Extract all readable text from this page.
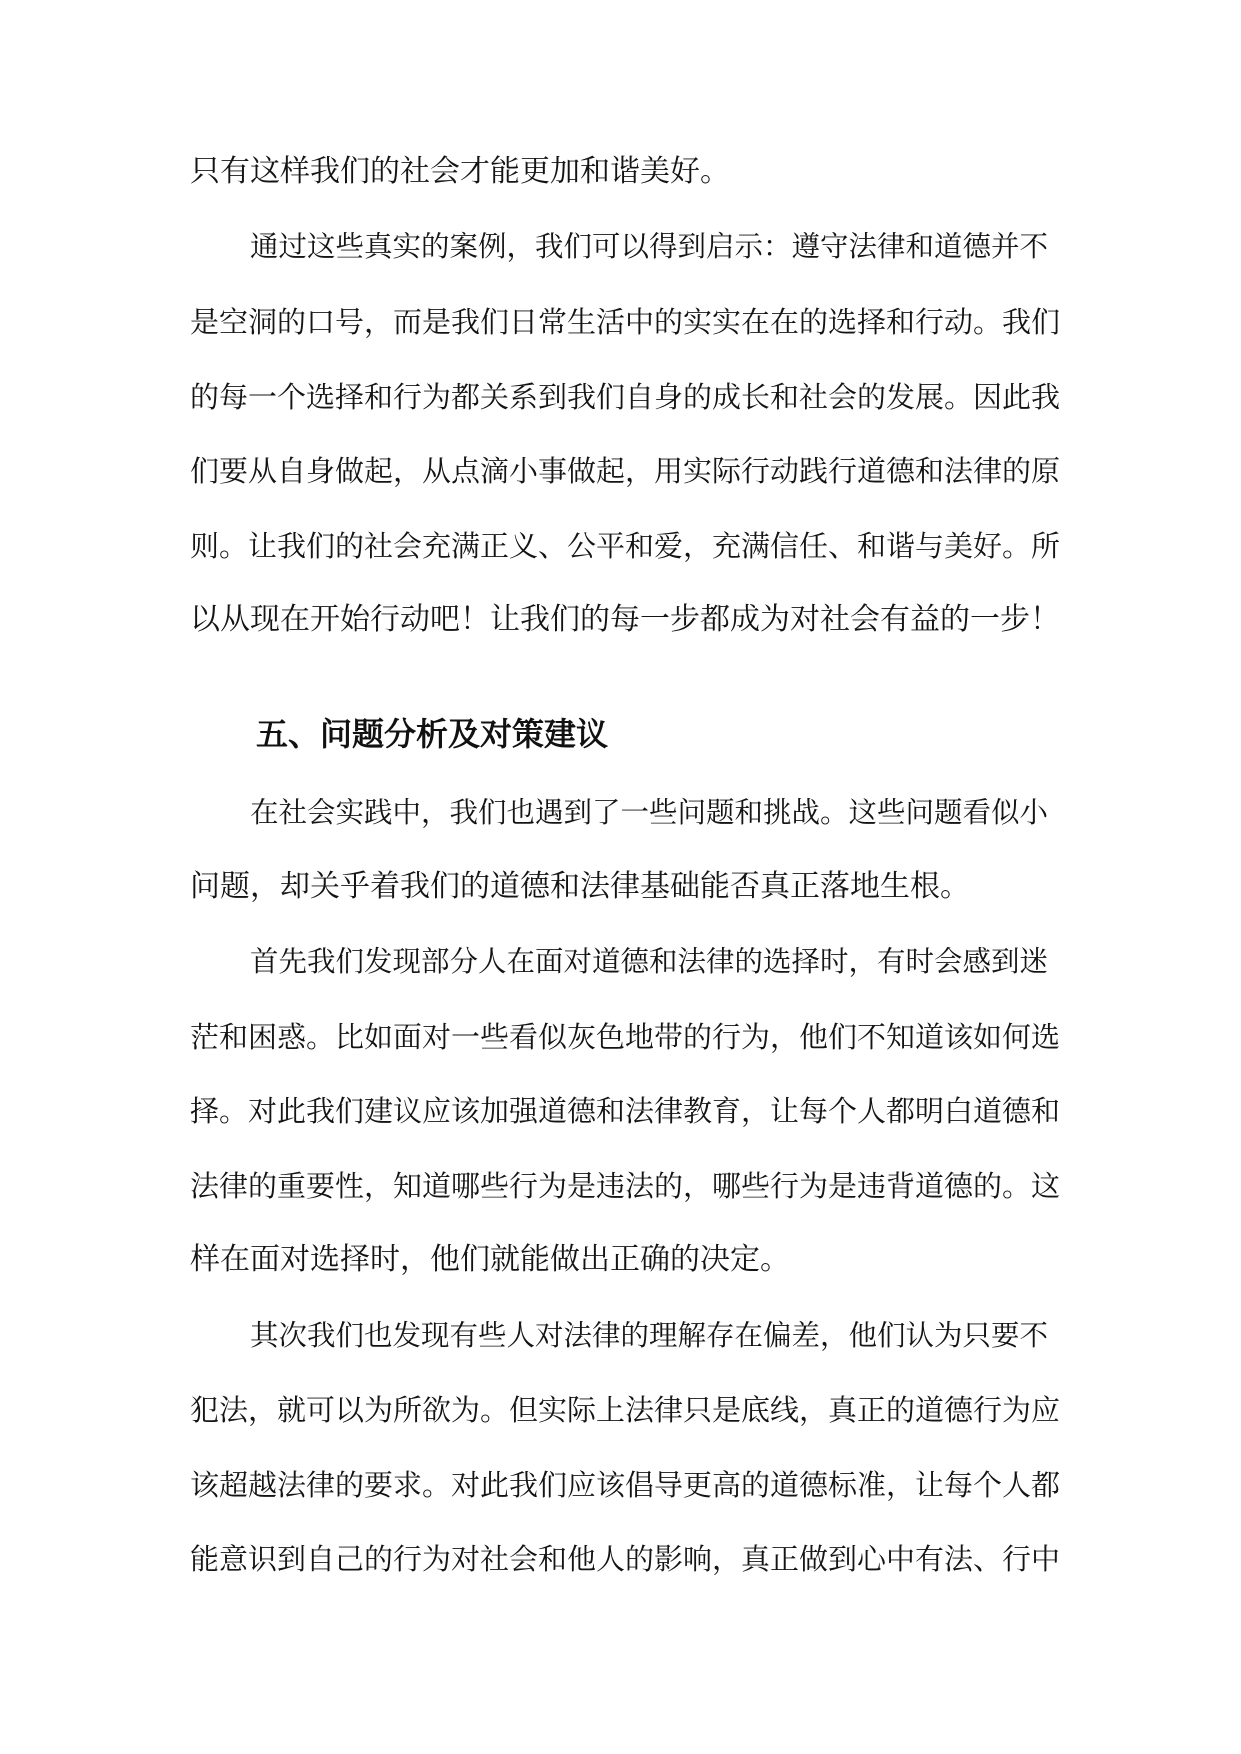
只有这样我们的社会才能更加和谐美好。

通过这些真实的案例，我们可以得到启示：遵守法律和道德并不

是空洞的口号，而是我们日常生活中的实实在在的选择和行动。我们

的每一个选择和行为都关系到我们自身的成长和社会的发展。因此我

们要从自身做起，从点滴小事做起，用实际行动践行道德和法律的原

则。让我们的社会充满正义、公平和爱，充满信任、和谐与美好。所

以从现在开始行动吧！让我们的每一步都成为对社会有益的一步！

五、问题分析及对策建议

在社会实践中，我们也遇到了一些问题和挑战。这些问题看似小

问题，却关乎着我们的道德和法律基础能否真正落地生根。

首先我们发现部分人在面对道德和法律的选择时，有时会感到迷

茫和困惑。比如面对一些看似灰色地带的行为，他们不知道该如何选

择。对此我们建议应该加强道德和法律教育，让每个人都明白道德和

法律的重要性，知道哪些行为是违法的，哪些行为是违背道德的。这

样在面对选择时，他们就能做出正确的决定。

其次我们也发现有些人对法律的理解存在偏差，他们认为只要不

犯法，就可以为所欲为。但实际上法律只是底线，真正的道德行为应

该超越法律的要求。对此我们应该倡导更高的道德标准，让每个人都

能意识到自己的行为对社会和他人的影响，真正做到心中有法、行中
